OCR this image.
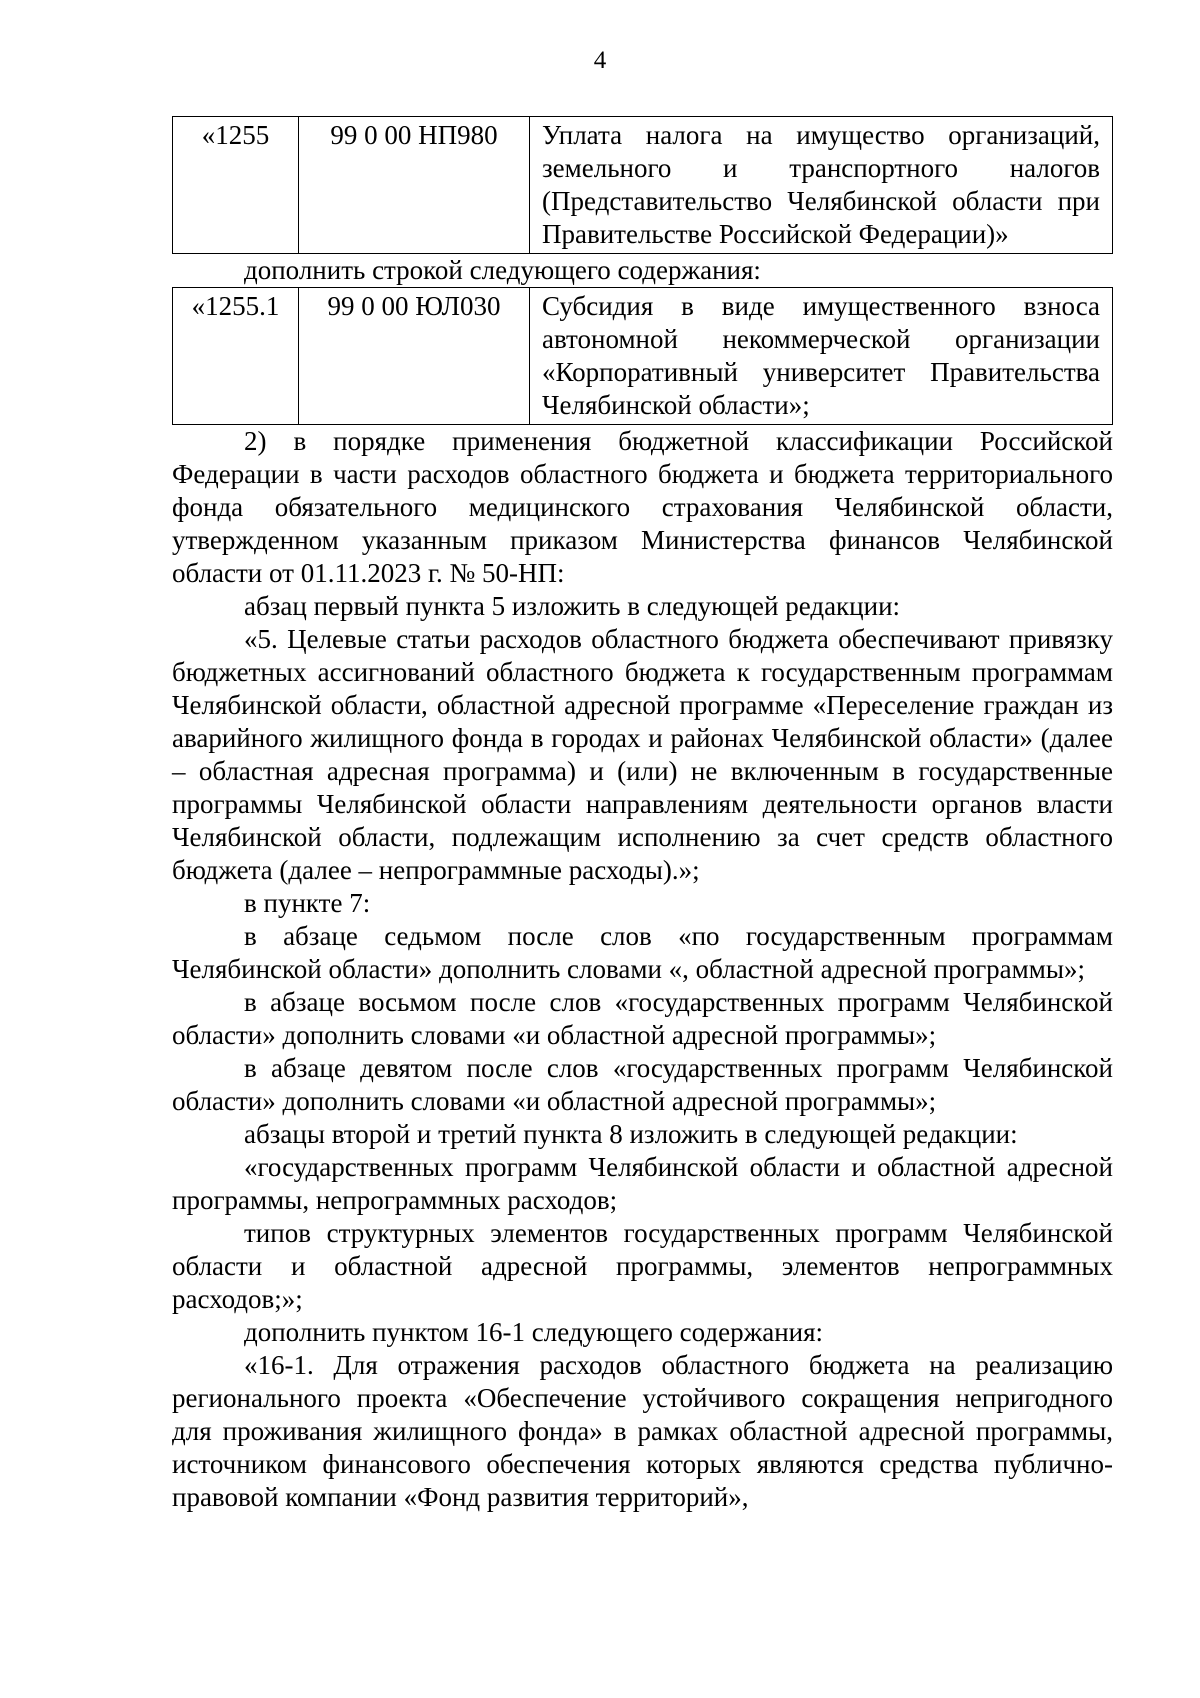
4
«1255	99 0 00 НП980	Уплата налога на имущество организаций, земельного и транспортного налогов (Представительство Челябинской области при Правительстве Российской Федерации)»

дополнить строкой следующего содержания:

«1255.1	99 0 00 ЮЛ030	Субсидия в виде имущественного взноса автономной некоммерческой организации «Корпоративный университет Правительства Челябинской области»;

2) в порядке применения бюджетной классификации Российской Федерации в части расходов областного бюджета и бюджета территориального фонда обязательного медицинского страхования Челябинской области, утвержденном указанным приказом Министерства финансов Челябинской области от 01.11.2023 г. № 50-НП:

абзац первый пункта 5 изложить в следующей редакции:

«5. Целевые статьи расходов областного бюджета обеспечивают привязку бюджетных ассигнований областного бюджета к государственным программам Челябинской области, областной адресной программе «Переселение граждан из аварийного жилищного фонда в городах и районах Челябинской области» (далее – областная адресная программа) и (или) не включенным в государственные программы Челябинской области направлениям деятельности органов власти Челябинской области, подлежащим исполнению за счет средств областного бюджета (далее – непрограммные расходы).»;

в пункте 7:

в абзаце седьмом после слов «по государственным программам Челябинской области» дополнить словами «, областной адресной программы»;

в абзаце восьмом после слов «государственных программ Челябинской области» дополнить словами «и областной адресной программы»;

в абзаце девятом после слов «государственных программ Челябинской области» дополнить словами «и областной адресной программы»;

абзацы второй и третий пункта 8 изложить в следующей редакции:

«государственных программ Челябинской области и областной адресной программы, непрограммных расходов;

типов структурных элементов государственных программ Челябинской области и областной адресной программы, элементов непрограммных расходов;»;

дополнить пунктом 16-1 следующего содержания:

«16-1. Для отражения расходов областного бюджета на реализацию регионального проекта «Обеспечение устойчивого сокращения непригодного для проживания жилищного фонда» в рамках областной адресной программы, источником финансового обеспечения которых являются средства публично-правовой компании «Фонд развития территорий»,
